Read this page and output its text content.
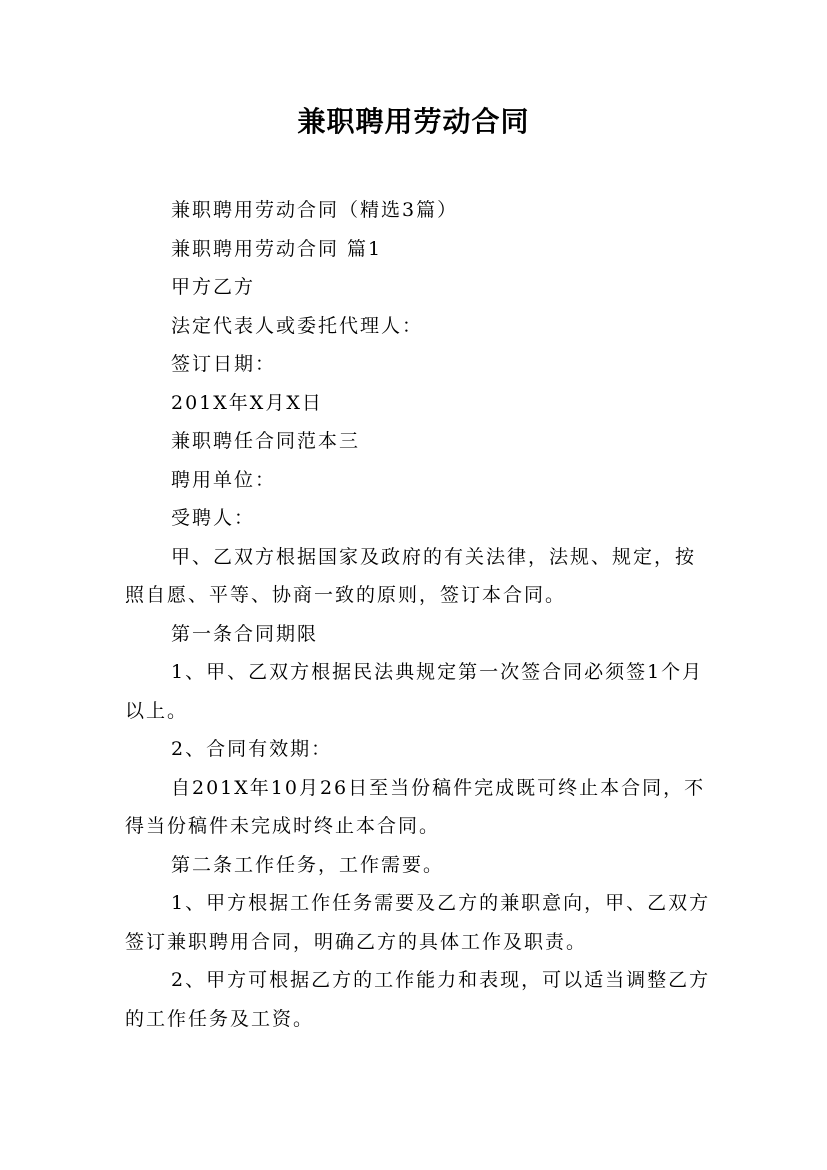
兼职聘用劳动合同

兼职聘用劳动合同（精选3篇）

兼职聘用劳动合同 篇1

甲方乙方

法定代表人或委托代理人：

签订日期：

201X年X月X日

兼职聘任合同范本三

聘用单位：

受聘人：

甲、乙双方根据国家及政府的有关法律，法规、规定，按照自愿、平等、协商一致的原则，签订本合同。

第一条合同期限

1、甲、乙双方根据民法典规定第一次签合同必须签1个月以上。

2、合同有效期：

自201X年10月26日至当份稿件完成既可终止本合同，不得当份稿件未完成时终止本合同。

第二条工作任务，工作需要。

1、甲方根据工作任务需要及乙方的兼职意向，甲、乙双方签订兼职聘用合同，明确乙方的具体工作及职责。

2、甲方可根据乙方的工作能力和表现，可以适当调整乙方的工作任务及工资。
